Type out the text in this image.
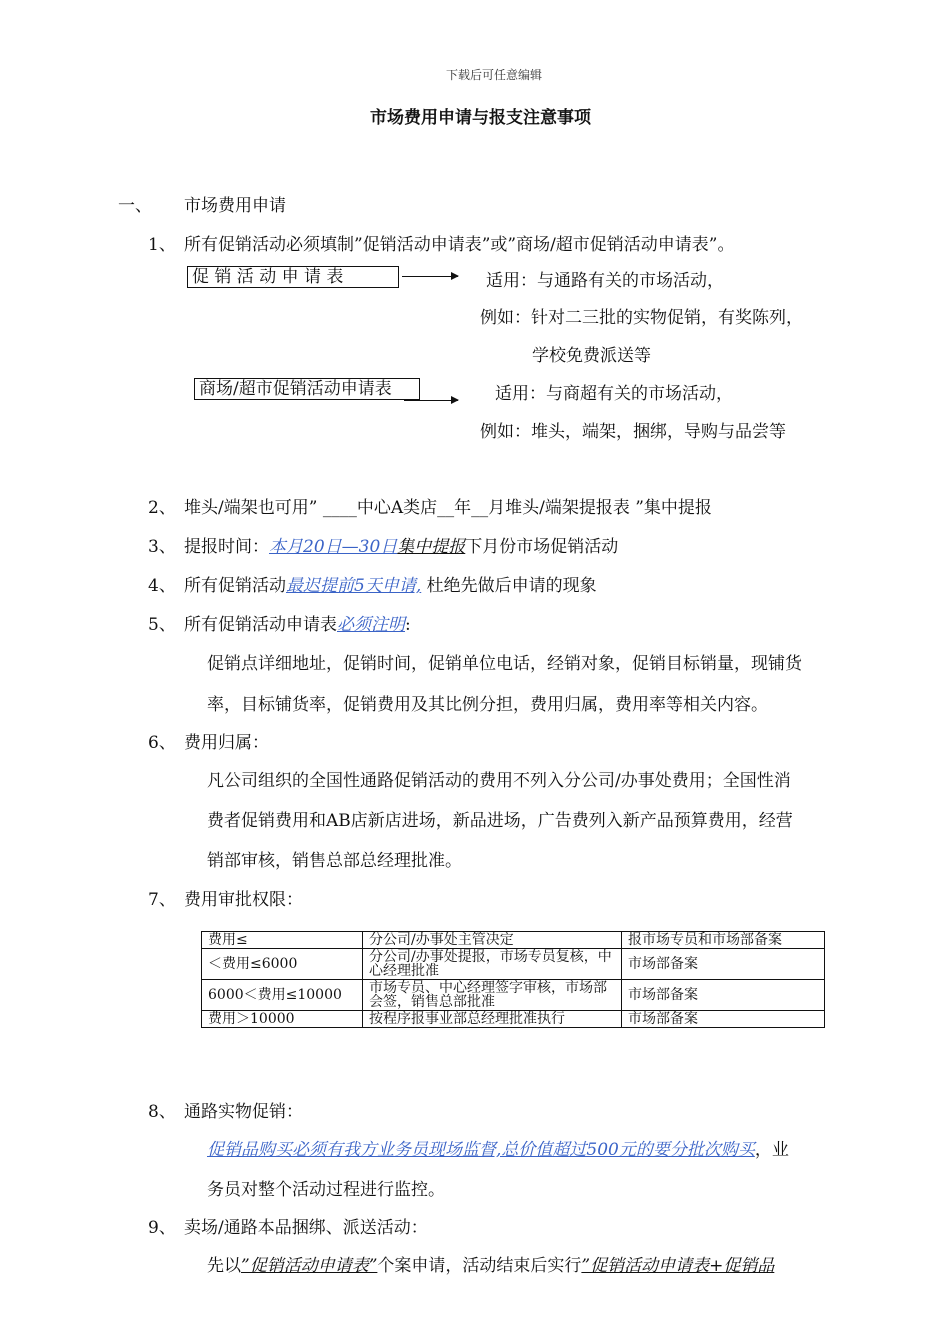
下载后可任意编辑
市场费用申请与报支注意事项
一、 市场费用申请
1、 所有促销活动必须填制”促销活动申请表”或”商场/超市促销活动申请表”。
促 销 活 动 申 请 表	适用：与通路有关的市场活动，
例如：针对二三批的实物促销，有奖陈列，
学校免费派送等
商场/超市促销活动申请表	适用：与商超有关的市场活动，
例如：堆头，端架，捆绑，导购与品尝等
2、 堆头/端架也可用” ____中心A类店__年__月堆头/端架提报表 ”集中提报
3、 提报时间：本月20日—30日集中提报下月份市场促销活动
4、 所有促销活动最迟提前5天申请, 杜绝先做后申请的现象
5、 所有促销活动申请表必须注明:
促销点详细地址，促销时间，促销单位电话，经销对象，促销目标销量，现铺货
率，目标铺货率，促销费用及其比例分担，费用归属，费用率等相关内容。
6、 费用归属：
凡公司组织的全国性通路促销活动的费用不列入分公司/办事处费用；全国性消
费者促销费用和AB店新店进场，新品进场，广告费列入新产品预算费用，经营
销部审核，销售总部总经理批准。
7、 费用审批权限：
费用≤	分公司/办事处主管决定	报市场专员和市场部备案
＜费用≤6000	分公司/办事处提报，市场专员复核，中心经理批准	市场部备案
6000＜费用≤10000	市场专员、中心经理签字审核，市场部会签，销售总部批准	市场部备案
费用＞10000	按程序报事业部总经理批准执行	市场部备案
8、 通路实物促销：
促销品购买必须有我方业务员现场监督,总价值超过500元的要分批次购买，业
务员对整个活动过程进行监控。
9、 卖场/通路本品捆绑、派送活动：
先以”促销活动申请表”个案申请，活动结束后实行”促销活动申请表+促销品
